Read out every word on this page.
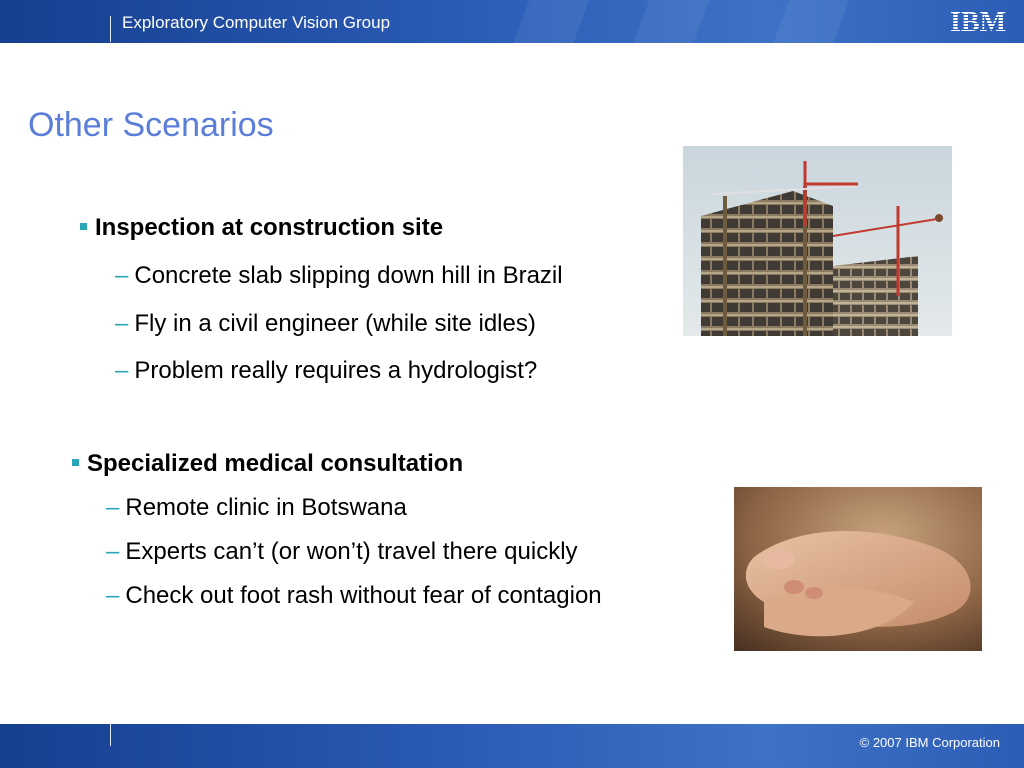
Exploratory Computer Vision Group	IBM
Other Scenarios
Inspection at construction site
– Concrete slab slipping down hill in Brazil
– Fly in a civil engineer (while site idles)
– Problem really requires a hydrologist?
Specialized medical consultation
– Remote clinic in Botswana
– Experts can’t (or won’t) travel there quickly
– Check out foot rash without fear of contagion
© 2007 IBM Corporation
